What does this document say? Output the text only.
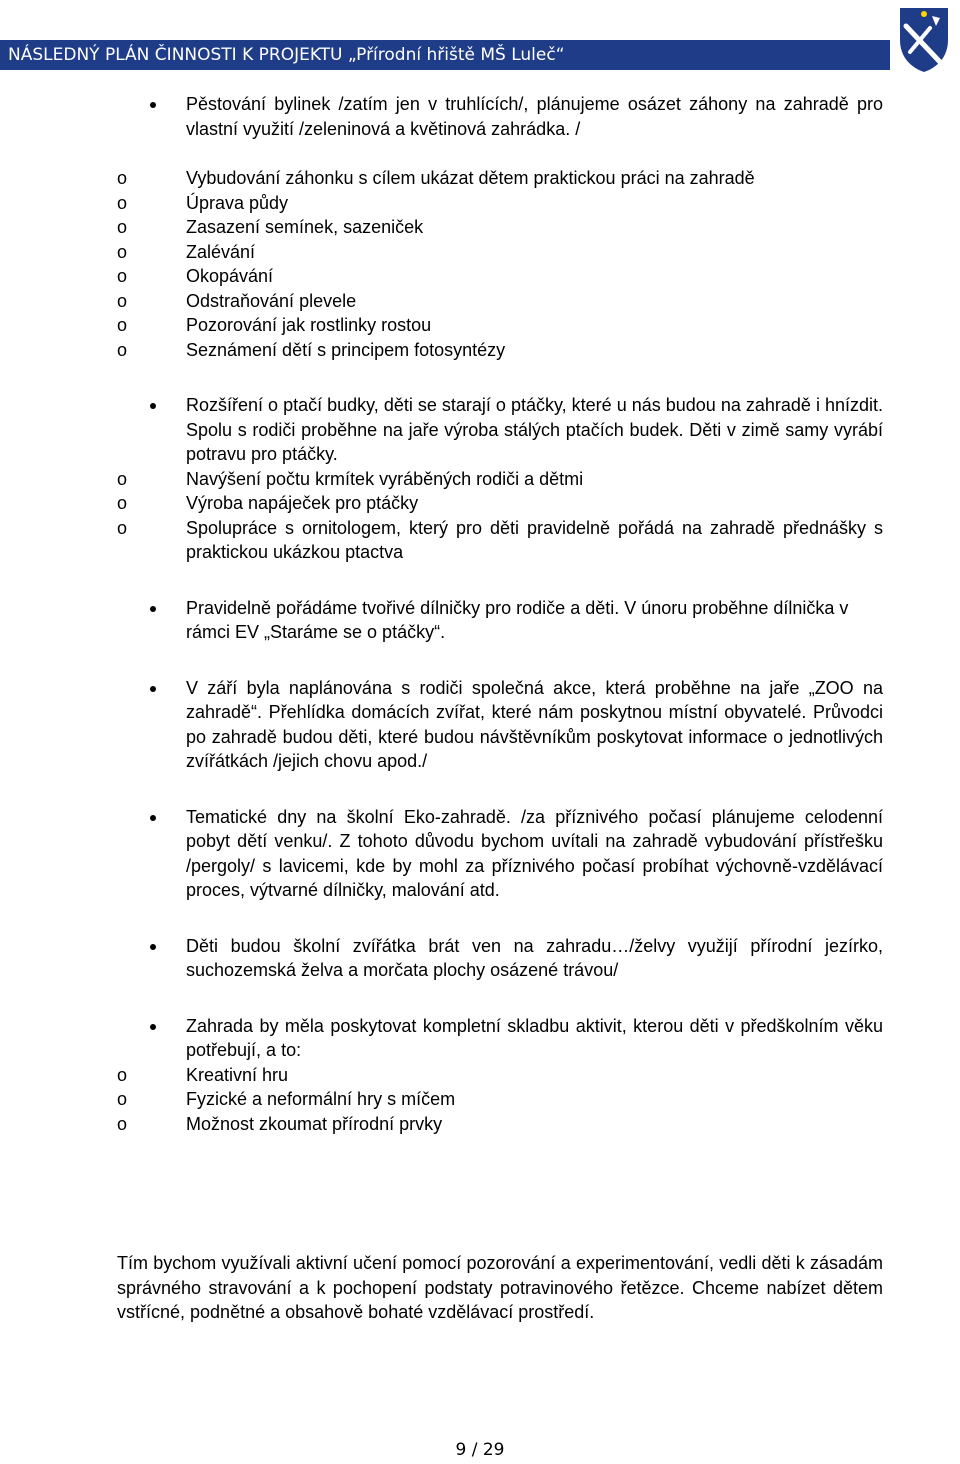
NÁSLEDNÝ PLÁN ČINNOSTI K PROJEKTU „Přírodní hřiště MŠ Luleč“

Pěstování bylinek /zatím jen v truhlících/, plánujeme osázet záhony na zahradě pro vlastní využití /zeleninová a květinová zahrádka. /

o	Vybudování záhonku s cílem ukázat dětem praktickou práci na zahradě
o	Úprava půdy
o	Zasazení semínek, sazeniček
o	Zalévání
o	Okopávání
o	Odstraňování plevele
o	Pozorování jak rostlinky rostou
o	Seznámení dětí s principem fotosyntézy

Rozšíření o ptačí budky, děti se starají o ptáčky, které u nás budou na zahradě i hnízdit. Spolu s rodiči proběhne na jaře výroba stálých ptačích budek. Děti v zimě samy vyrábí potravu pro ptáčky.

o	Navýšení počtu krmítek vyráběných rodiči a dětmi
o	Výroba napáječek pro ptáčky
o	Spolupráce s ornitologem, který pro děti pravidelně pořádá na zahradě přednášky s praktickou ukázkou ptactva

Pravidelně pořádáme tvořivé dílničky pro rodiče a děti. V únoru proběhne dílnička v rámci EV „Staráme se o ptáčky“.

V září byla naplánována s rodiči společná akce, která proběhne na jaře „ZOO na zahradě“. Přehlídka domácích zvířat, které nám poskytnou místní obyvatelé. Průvodci po zahradě budou děti, které budou návštěvníkům poskytovat informace o jednotlivých zvířátkách /jejich chovu apod./

Tematické dny na školní Eko-zahradě. /za příznivého počasí plánujeme celodenní pobyt dětí venku/. Z tohoto důvodu bychom uvítali na zahradě vybudování přístřešku /pergoly/ s lavicemi, kde by mohl za příznivého počasí probíhat výchovně-vzdělávací proces, výtvarné dílničky, malování atd.

Děti budou školní zvířátka brát ven na zahradu…/želvy využijí přírodní jezírko, suchozemská želva a morčata plochy osázené trávou/

Zahrada by měla poskytovat kompletní skladbu aktivit, kterou děti v předškolním věku potřebují, a to:

o	Kreativní hru
o	Fyzické a neformální hry s míčem
o	Možnost zkoumat přírodní prvky

Tím bychom využívali aktivní učení pomocí pozorování a experimentování, vedli děti k zásadám správného stravování a k pochopení podstaty potravinového řetězce. Chceme nabízet dětem vstřícné, podnětné a obsahově bohaté vzdělávací prostředí.

9 / 29
